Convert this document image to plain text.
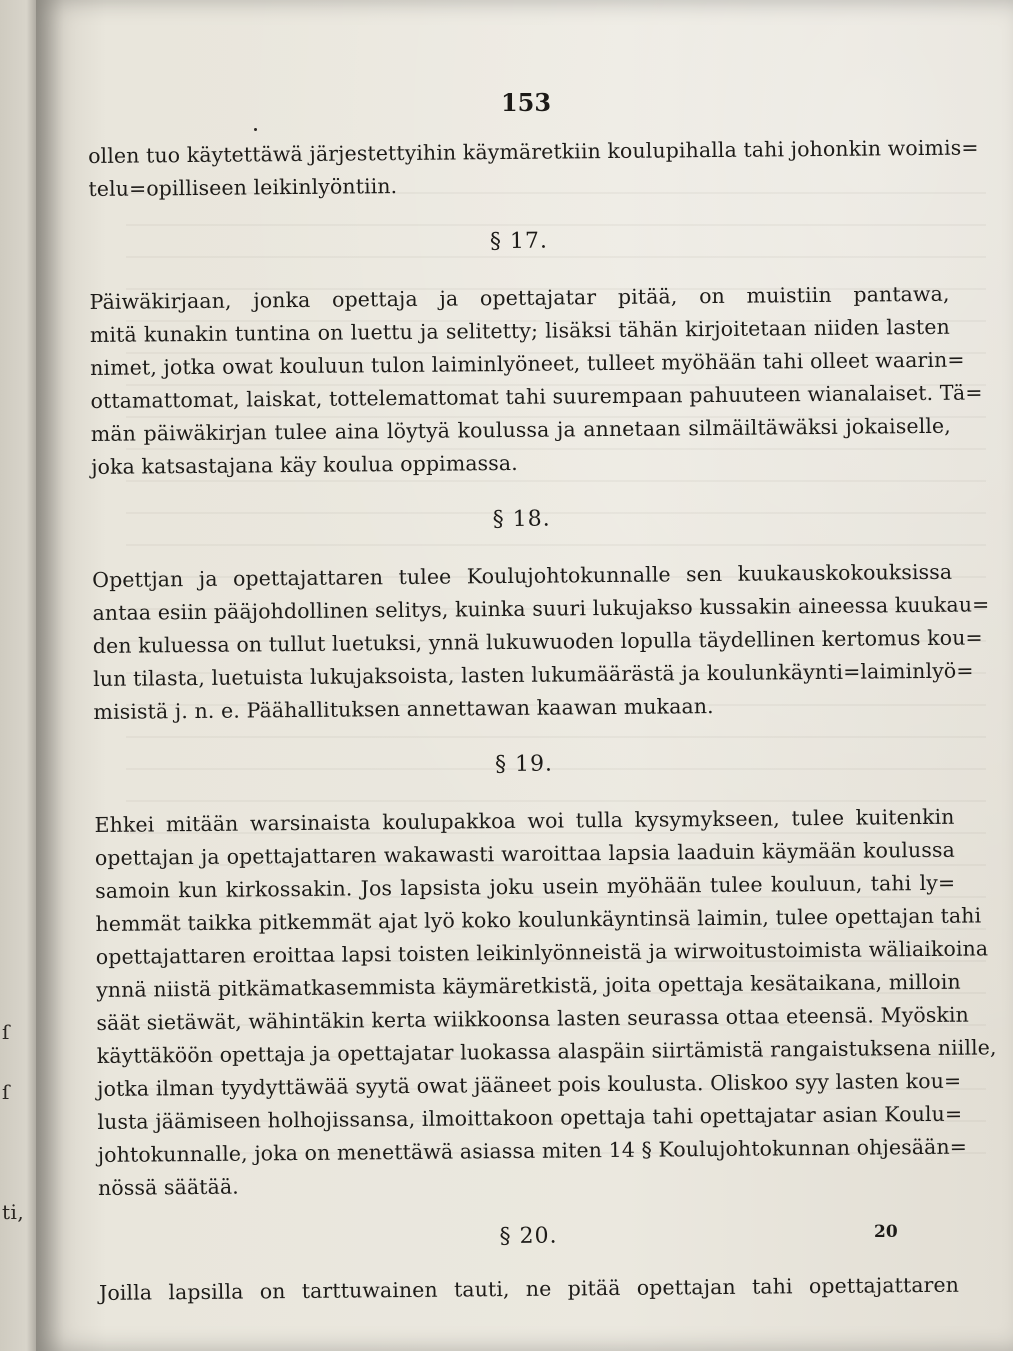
ſ
ſ
ti,
153
ollen tuo käytettäwä järjestettyihin käymäretkiin koulupihalla tahi johonkin woimis=
telu=opilliseen leikinlyöntiin.
§ 17.
Päiwäkirjaan, jonka opettaja ja opettajatar pitää, on muistiin pantawa,
mitä kunakin tuntina on luettu ja selitetty; lisäksi tähän kirjoitetaan niiden lasten
nimet, jotka owat kouluun tulon laiminlyöneet, tulleet myöhään tahi olleet waarin=
ottamattomat, laiskat, tottelemattomat tahi suurempaan pahuuteen wianalaiset. Tä=
män päiwäkirjan tulee aina löytyä koulussa ja annetaan silmäiltäwäksi jokaiselle,
joka katsastajana käy koulua oppimassa.
§ 18.
Opettjan ja opettajattaren tulee Koulujohtokunnalle sen kuukauskokouksissa
antaa esiin pääjohdollinen selitys, kuinka suuri lukujakso kussakin aineessa kuukau=
den kuluessa on tullut luetuksi, ynnä lukuwuoden lopulla täydellinen kertomus kou=
lun tilasta, luetuista lukujaksoista, lasten lukumäärästä ja koulunkäynti=laiminlyö=
misistä j. n. e. Päähallituksen annettawan kaawan mukaan.
§ 19.
Ehkei mitään warsinaista koulupakkoa woi tulla kysymykseen, tulee kuitenkin
opettajan ja opettajattaren wakawasti waroittaa lapsia laaduin käymään koulussa
samoin kun kirkossakin. Jos lapsista joku usein myöhään tulee kouluun, tahi ly=
hemmät taikka pitkemmät ajat lyö koko koulunkäyntinsä laimin, tulee opettajan tahi
opettajattaren eroittaa lapsi toisten leikinlyönneistä ja wirwoitustoimista wäliaikoina
ynnä niistä pitkämatkasemmista käymäretkistä, joita opettaja kesätaikana, milloin
säät sietäwät, wähintäkin kerta wiikkoonsa lasten seurassa ottaa eteensä. Myöskin
käyttäköön opettaja ja opettajatar luokassa alaspäin siirtämistä rangaistuksena niille,
jotka ilman tyydyttäwää syytä owat jääneet pois koulusta. Oliskoo syy lasten kou=
lusta jäämiseen holhojissansa, ilmoittakoon opettaja tahi opettajatar asian Koulu=
johtokunnalle, joka on menettäwä asiassa miten 14 § Koulujohtokunnan ohjesään=
nössä säätää.
§ 20.
Joilla lapsilla on tarttuwainen tauti, ne pitää opettajan tahi opettajattaren
20
